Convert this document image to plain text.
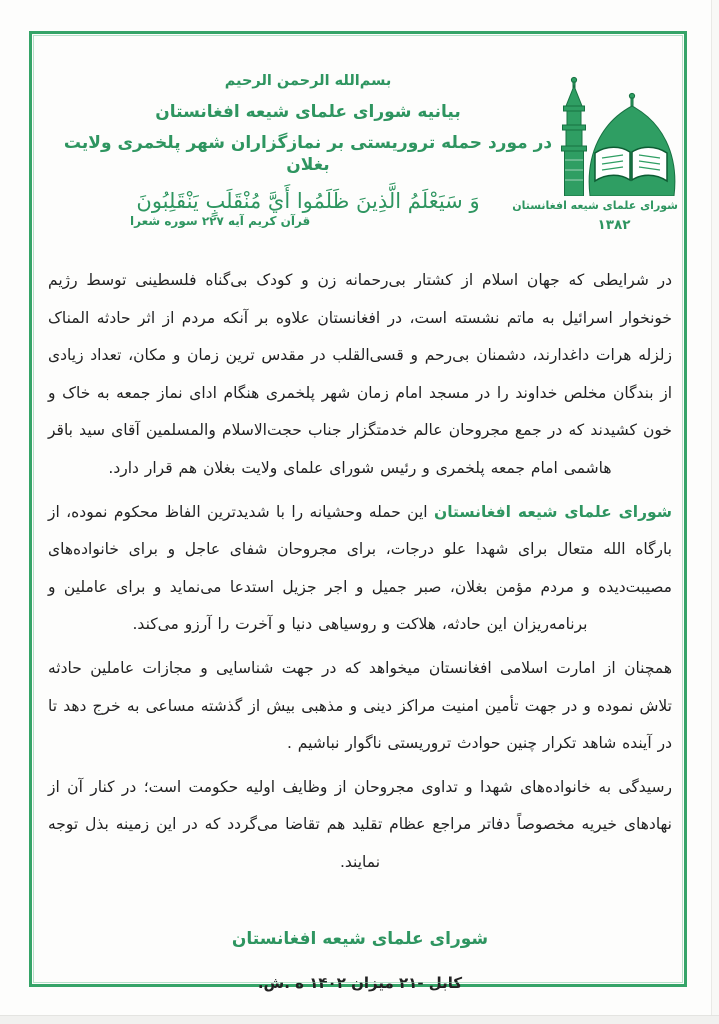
بسم‌الله الرحمن الرحیم
بیانیه شورای علمای شیعه افغانستان
در مورد حمله تروریستی بر نمازگزاران شهر پلخمری ولایت بغلان
وَ سَيَعْلَمُ الَّذِينَ ظَلَمُوا أَيَّ مُنْقَلَبٍ يَنْقَلِبُونَ
قرآن کریم آیه ۲۲۷ سوره شعرا
شورای علمای شیعه افغانستان
۱۳۸۲

در شرایطی که جهان اسلام از کشتار بی‌رحمانه زن و کودک بی‌گناه فلسطینی توسط رژیم خونخوار اسرائیل به ماتم نشسته است، در افغانستان علاوه بر آنکه مردم از اثر حادثه المناک زلزله هرات داغدارند، دشمنان بی‌رحم و قسی‌القلب در مقدس ترین زمان و مکان، تعداد زیادی از بندگان مخلص خداوند را در مسجد امام زمان شهر پلخمری هنگام ادای نماز جمعه به خاک و خون کشیدند که در جمع مجروحان عالم خدمتگزار جناب حجت‌الاسلام والمسلمین آقای سید باقر هاشمی امام جمعه پلخمری و رئیس شورای علمای ولایت بغلان هم قرار دارد.

شورای علمای شیعه افغانستان این حمله وحشیانه را با شدیدترین الفاظ محکوم نموده، از بارگاه الله متعال برای شهدا علو درجات، برای مجروحان شفای عاجل و برای خانواده‌های مصیبت‌دیده و مردم مؤمن بغلان، صبر جمیل و اجر جزیل استدعا می‌نماید و برای عاملین و برنامه‌ریزان این حادثه، هلاکت و روسیاهی دنیا و آخرت را آرزو می‌کند.

همچنان از امارت اسلامی افغانستان میخواهد که در جهت شناسایی و مجازات عاملین حادثه تلاش نموده و در جهت تأمین امنیت مراکز دینی و مذهبی بیش از گذشته مساعی به خرج دهد تا در آینده شاهد تکرار چنین حوادث تروریستی ناگوار نباشیم .

رسیدگی به خانواده‌های شهدا و تداوی مجروحان از وظایف اولیه حکومت است؛ در کنار آن از نهادهای خیریه مخصوصاً دفاتر مراجع عظام تقلید هم تقاضا می‌گردد که در این زمینه بذل توجه نمایند.

شورای علمای شیعه افغانستان
کابل -۲۱ میزان ۱۴۰۲ ه .ش.
